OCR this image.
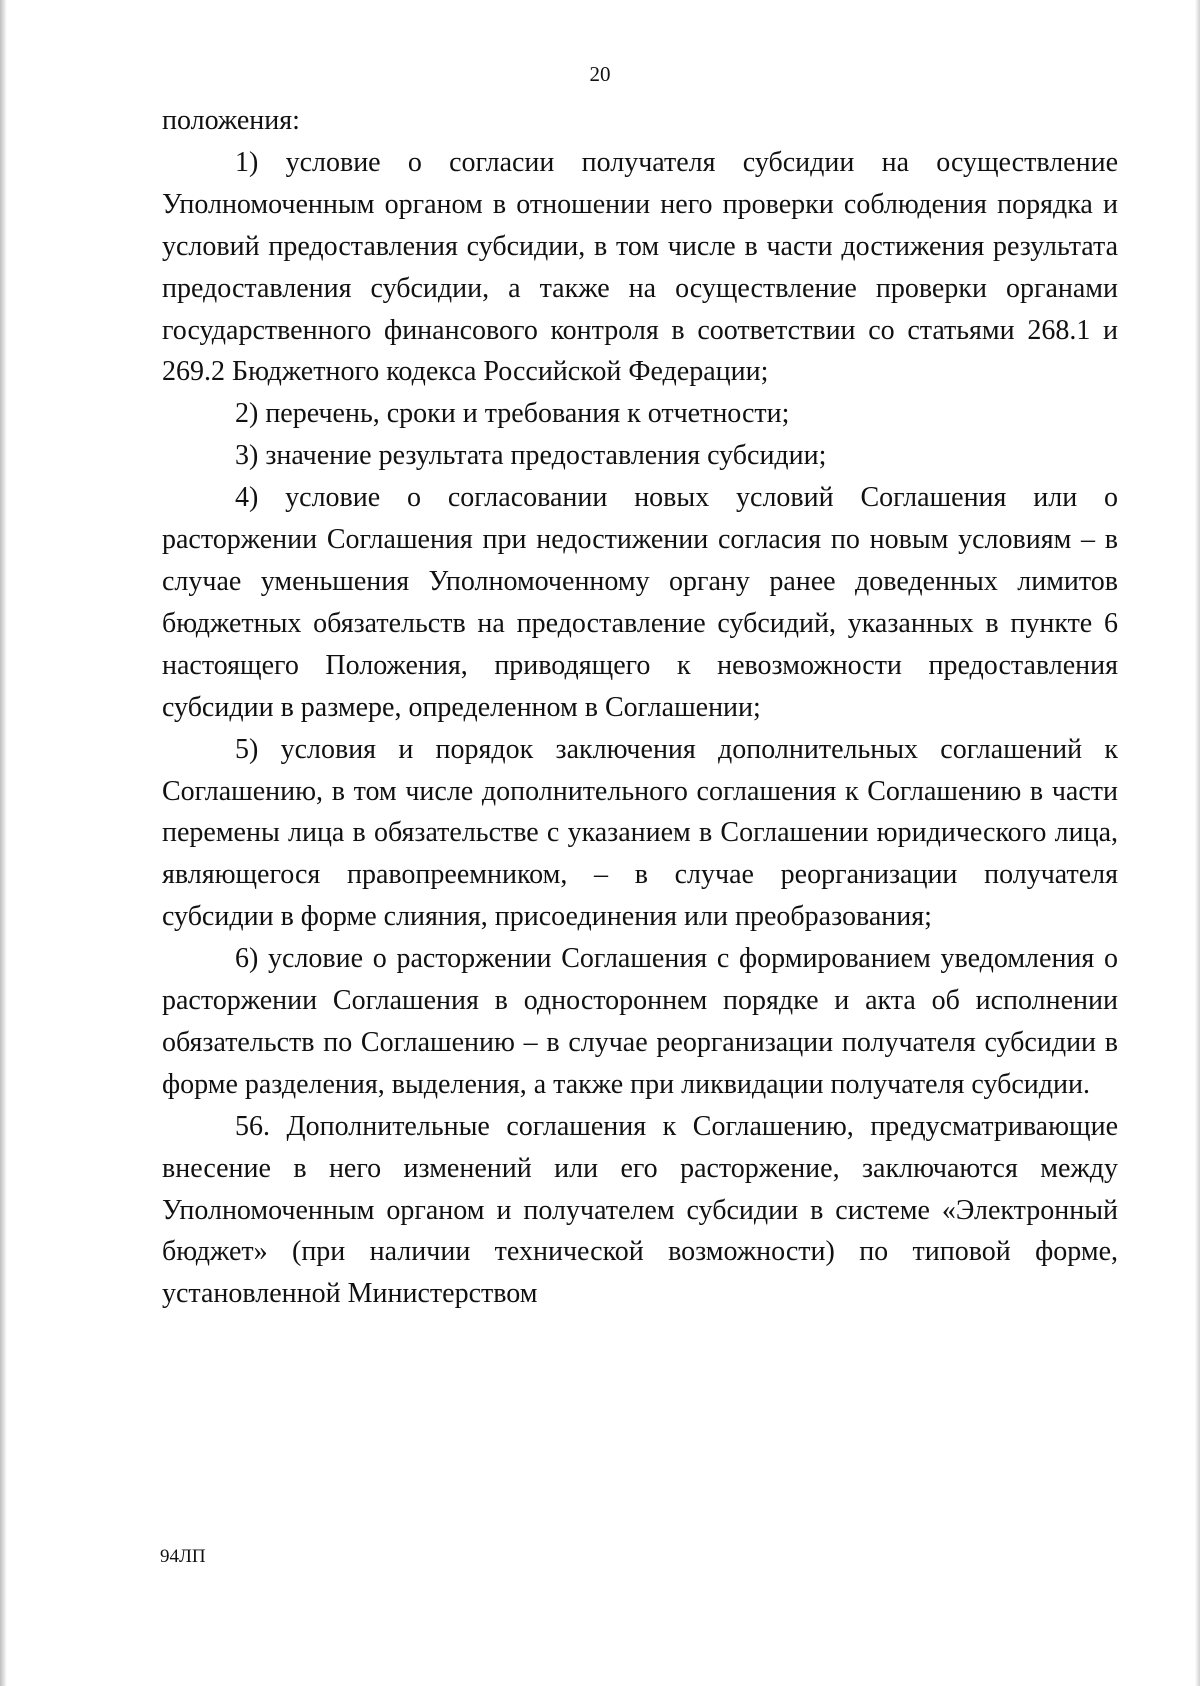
20

положения:

1) условие о согласии получателя субсидии на осуществление Уполномоченным органом в отношении него проверки соблюдения порядка и условий предоставления субсидии, в том числе в части достижения результата предоставления субсидии, а также на осуществление проверки органами государственного финансового контроля в соответствии со статьями 268.1 и 269.2 Бюджетного кодекса Российской Федерации;

2) перечень, сроки и требования к отчетности;

3) значение результата предоставления субсидии;

4) условие о согласовании новых условий Соглашения или о расторжении Соглашения при недостижении согласия по новым условиям – в случае уменьшения Уполномоченному органу ранее доведенных лимитов бюджетных обязательств на предоставление субсидий, указанных в пункте 6 настоящего Положения, приводящего к невозможности предоставления субсидии в размере, определенном в Соглашении;

5) условия и порядок заключения дополнительных соглашений к Соглашению, в том числе дополнительного соглашения к Соглашению в части перемены лица в обязательстве с указанием в Соглашении юридического лица, являющегося правопреемником, – в случае реорганизации получателя субсидии в форме слияния, присоединения или преобразования;

6) условие о расторжении Соглашения с формированием уведомления о расторжении Соглашения в одностороннем порядке и акта об исполнении обязательств по Соглашению – в случае реорганизации получателя субсидии в форме разделения, выделения, а также при ликвидации получателя субсидии.

56. Дополнительные соглашения к Соглашению, предусматривающие внесение в него изменений или его расторжение, заключаются между Уполномоченным органом и получателем субсидии в системе «Электронный бюджет» (при наличии технической возможности) по типовой форме, установленной Министерством

94ЛП
